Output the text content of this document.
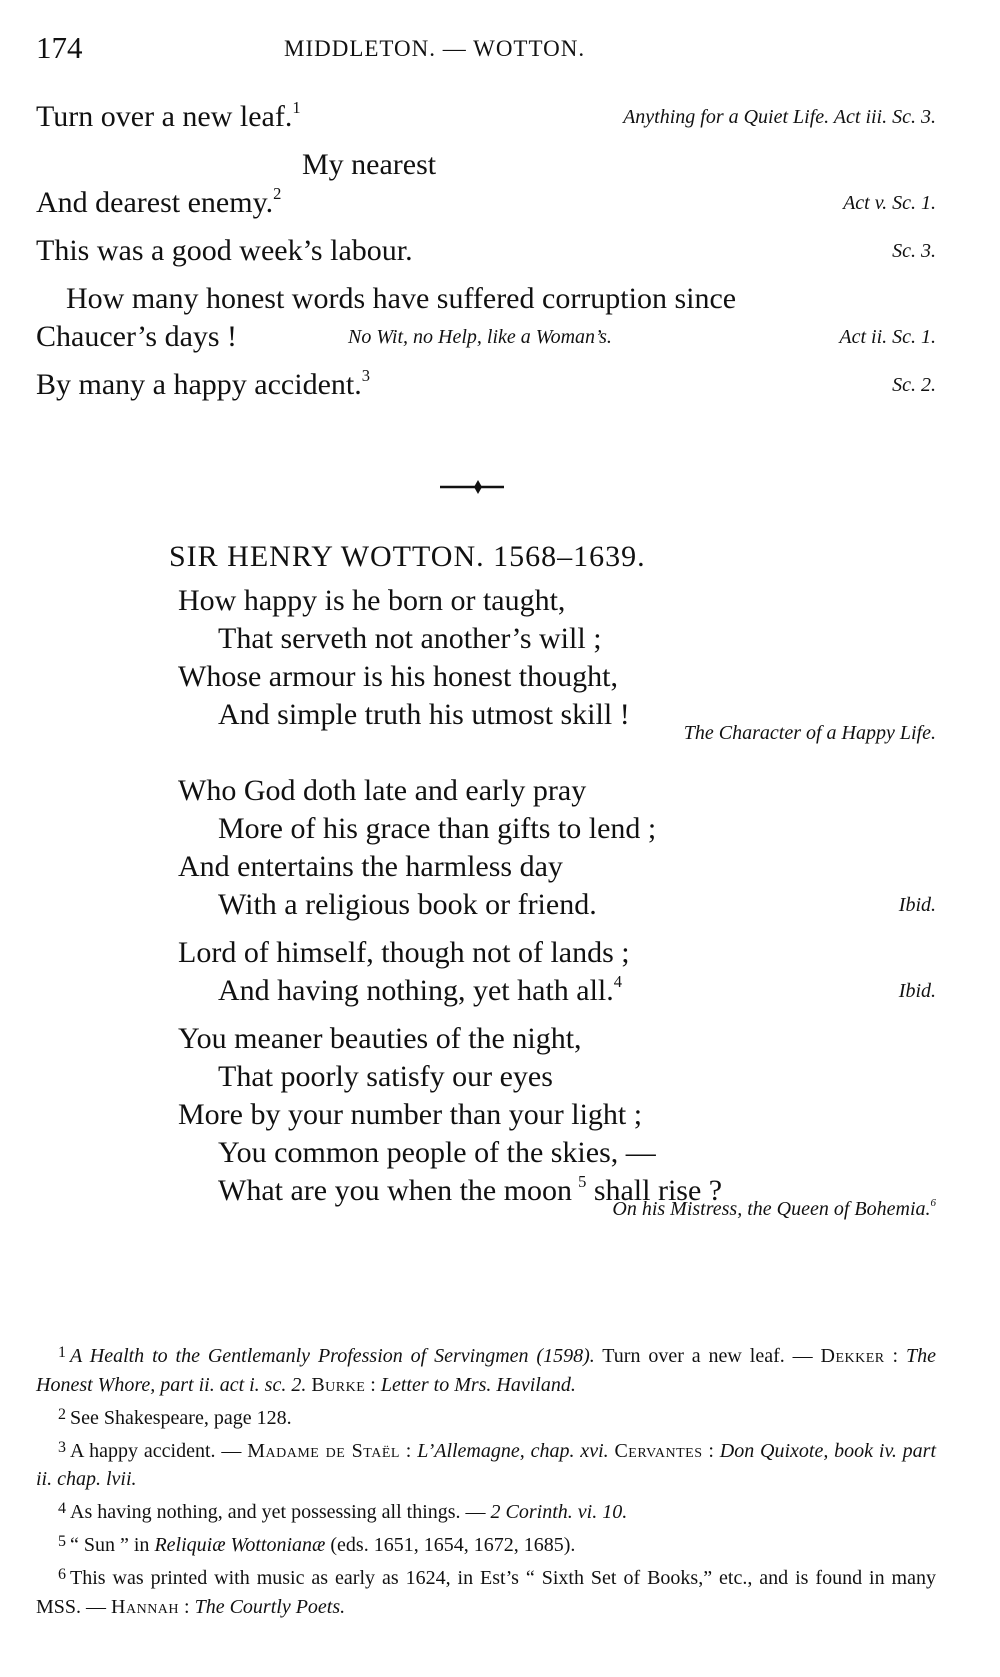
174	MIDDLETON. — WOTTON.
Turn over a new leaf.$^1$	Anything for a Quiet Life. Act iii. Sc. 3.
My nearest
And dearest enemy.$^2$	Act v. Sc. 1.
This was a good week’s labour.	Sc. 3.
How many honest words have suffered corruption since
Chaucer’s days !	No Wit, no Help, like a Woman’s.	Act ii. Sc. 1.
By many a happy accident.$^3$	Sc. 2.
SIR HENRY WOTTON. 1568–1639.
How happy is he born or taught,
That serveth not another’s will ;
Whose armour is his honest thought,
And simple truth his utmost skill !
The Character of a Happy Life.
Who God doth late and early pray
More of his grace than gifts to lend ;
And entertains the harmless day
With a religious book or friend.	Ibid.
Lord of himself, though not of lands ;
And having nothing, yet hath all.$^4$	Ibid.
You meaner beauties of the night,
That poorly satisfy our eyes
More by your number than your light ;
You common people of the skies, —
What are you when the moon $^5$ shall rise ?
On his Mistress, the Queen of Bohemia.$^6$

$^1$ A Health to the Gentlemanly Profession of Servingmen (1598). Turn over a new leaf. — Dekker : The Honest Whore, part ii. act i. sc. 2. Burke : Letter to Mrs. Haviland.

$^2$ See Shakespeare, page 128.

$^3$ A happy accident. — Madame de Staël : L’Allemagne, chap. xvi. Cervantes : Don Quixote, book iv. part ii. chap. lvii.

$^4$ As having nothing, and yet possessing all things. — 2 Corinth. vi. 10.

$^5$ “ Sun ” in Reliquiæ Wottonianæ (eds. 1651, 1654, 1672, 1685).

$^6$ This was printed with music as early as 1624, in Est’s “ Sixth Set of Books,” etc., and is found in many MSS. — Hannah : The Courtly Poets.
